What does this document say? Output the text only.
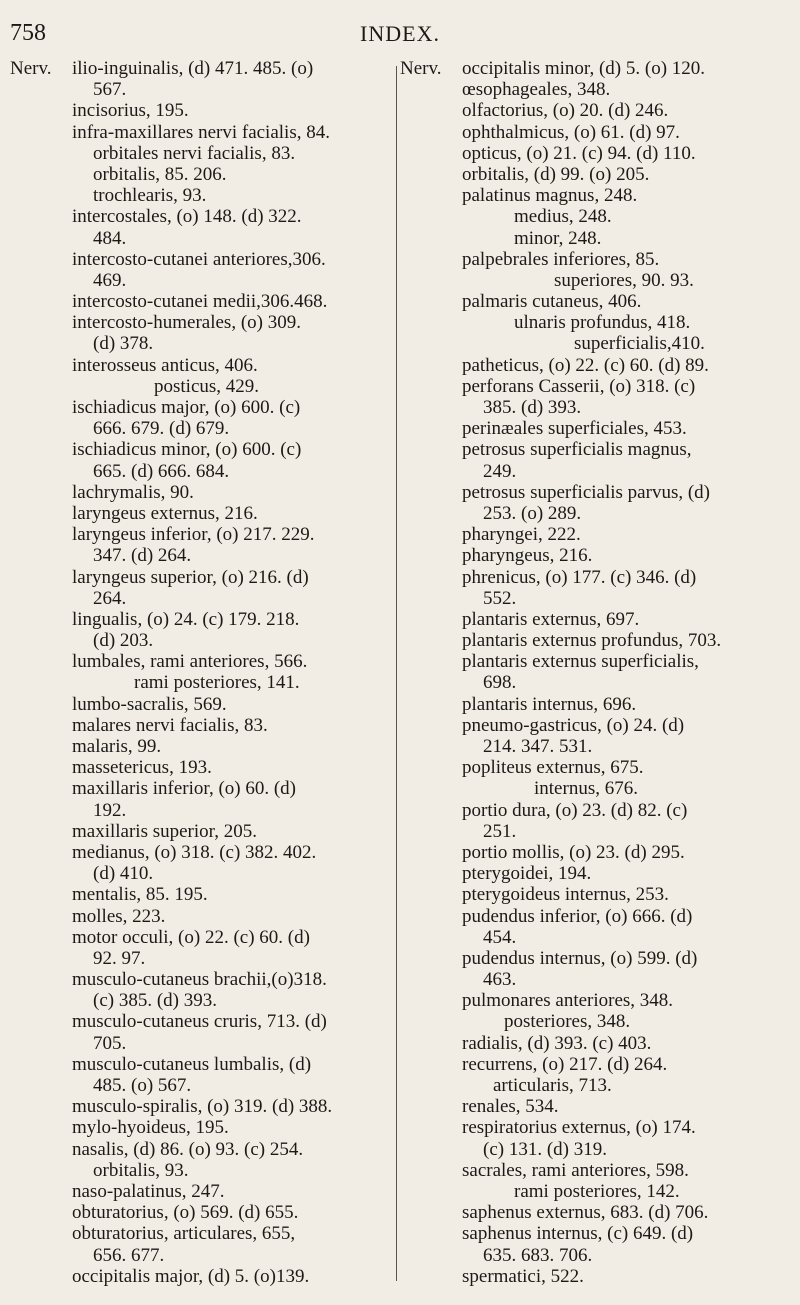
758	INDEX.
Nerv. ilio-inguinalis, (d) 471. 485. (o)
567.
incisorius, 195.
infra-maxillares nervi facialis, 84.
orbitales nervi facialis, 83.
orbitalis, 85. 206.
trochlearis, 93.
intercostales, (o) 148. (d) 322.
484.
intercosto-cutanei anteriores,306.
469.
intercosto-cutanei medii,306.468.
intercosto-humerales, (o) 309.
(d) 378.
interosseus anticus, 406.
posticus, 429.
ischiadicus major, (o) 600. (c)
666. 679. (d) 679.
ischiadicus minor, (o) 600. (c)
665. (d) 666. 684.
lachrymalis, 90.
laryngeus externus, 216.
laryngeus inferior, (o) 217. 229.
347. (d) 264.
laryngeus superior, (o) 216. (d)
264.
lingualis, (o) 24. (c) 179. 218.
(d) 203.
lumbales, rami anteriores, 566.
rami posteriores, 141.
lumbo-sacralis, 569.
malares nervi facialis, 83.
malaris, 99.
massetericus, 193.
maxillaris inferior, (o) 60. (d)
192.
maxillaris superior, 205.
medianus, (o) 318. (c) 382. 402.
(d) 410.
mentalis, 85. 195.
molles, 223.
motor occuli, (o) 22. (c) 60. (d)
92. 97.
musculo-cutaneus brachii,(o)318.
(c) 385. (d) 393.
musculo-cutaneus cruris, 713. (d)
705.
musculo-cutaneus lumbalis, (d)
485. (o) 567.
musculo-spiralis, (o) 319. (d) 388.
mylo-hyoideus, 195.
nasalis, (d) 86. (o) 93. (c) 254.
orbitalis, 93.
naso-palatinus, 247.
obturatorius, (o) 569. (d) 655.
obturatorius, articulares, 655,
656. 677.
occipitalis major, (d) 5. (o)139.
Nerv. occipitalis minor, (d) 5. (o) 120.
œsophageales, 348.
olfactorius, (o) 20. (d) 246.
ophthalmicus, (o) 61. (d) 97.
opticus, (o) 21. (c) 94. (d) 110.
orbitalis, (d) 99. (o) 205.
palatinus magnus, 248.
medius, 248.
minor, 248.
palpebrales inferiores, 85.
superiores, 90. 93.
palmaris cutaneus, 406.
ulnaris profundus, 418.
superficialis,410.
patheticus, (o) 22. (c) 60. (d) 89.
perforans Casserii, (o) 318. (c)
385. (d) 393.
perinæales superficiales, 453.
petrosus superficialis magnus,
249.
petrosus superficialis parvus, (d)
253. (o) 289.
pharyngei, 222.
pharyngeus, 216.
phrenicus, (o) 177. (c) 346. (d)
552.
plantaris externus, 697.
plantaris externus profundus, 703.
plantaris externus superficialis,
698.
plantaris internus, 696.
pneumo-gastricus, (o) 24. (d)
214. 347. 531.
popliteus externus, 675.
internus, 676.
portio dura, (o) 23. (d) 82. (c)
251.
portio mollis, (o) 23. (d) 295.
pterygoidei, 194.
pterygoideus internus, 253.
pudendus inferior, (o) 666. (d)
454.
pudendus internus, (o) 599. (d)
463.
pulmonares anteriores, 348.
posteriores, 348.
radialis, (d) 393. (c) 403.
recurrens, (o) 217. (d) 264.
articularis, 713.
renales, 534.
respiratorius externus, (o) 174.
(c) 131. (d) 319.
sacrales, rami anteriores, 598.
rami posteriores, 142.
saphenus externus, 683. (d) 706.
saphenus internus, (c) 649. (d)
635. 683. 706.
spermatici, 522.
